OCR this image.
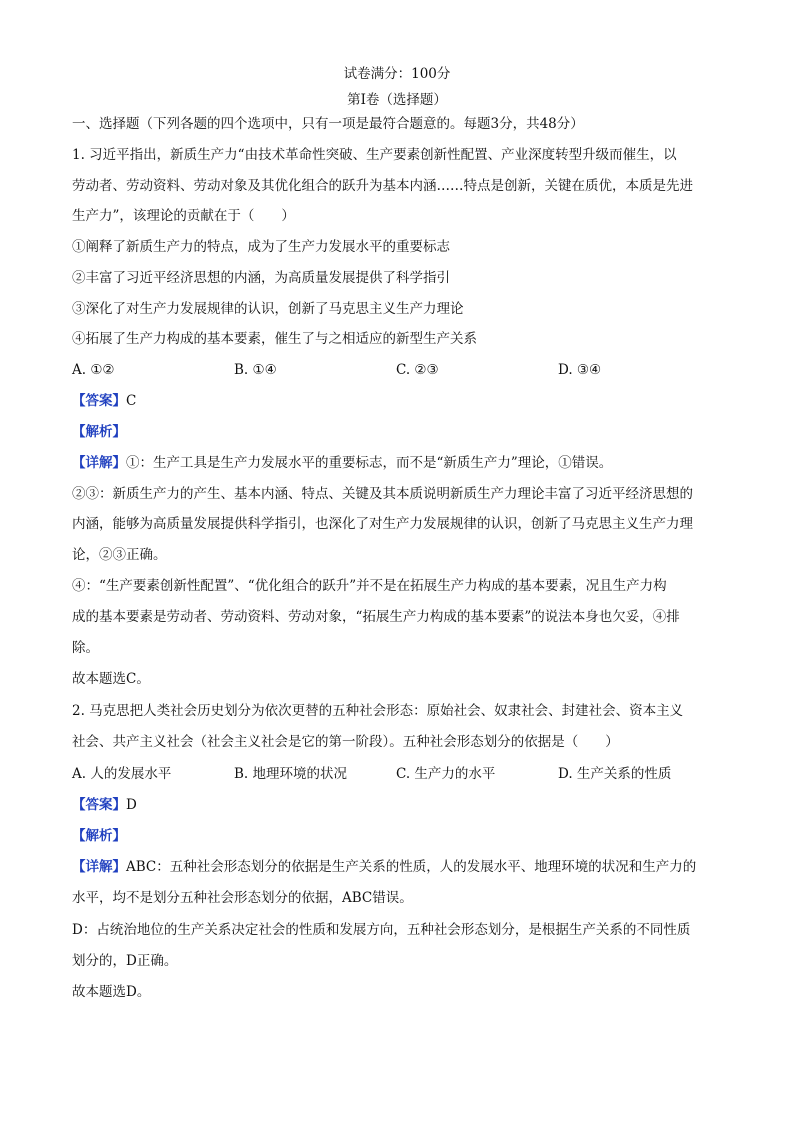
试卷满分：100分
第Ⅰ卷（选择题）
一、选择题（下列各题的四个选项中，只有一项是最符合题意的。每题3分，共48分）
1. 习近平指出，新质生产力“由技术革命性突破、生产要素创新性配置、产业深度转型升级而催生，以
劳动者、劳动资料、劳动对象及其优化组合的跃升为基本内涵……特点是创新，关键在质优，本质是先进
生产力”，该理论的贡献在于（　　）
①阐释了新质生产力的特点，成为了生产力发展水平的重要标志
②丰富了习近平经济思想的内涵，为高质量发展提供了科学指引
③深化了对生产力发展规律的认识，创新了马克思主义生产力理论
④拓展了生产力构成的基本要素，催生了与之相适应的新型生产关系
A. ①②	B. ①④	C. ②③	D. ③④
【答案】C
【解析】
【详解】①：生产工具是生产力发展水平的重要标志，而不是“新质生产力”理论，①错误。
②③：新质生产力的产生、基本内涵、特点、关键及其本质说明新质生产力理论丰富了习近平经济思想的
内涵，能够为高质量发展提供科学指引，也深化了对生产力发展规律的认识，创新了马克思主义生产力理
论，②③正确。
④：“生产要素创新性配置”、“优化组合的跃升”并不是在拓展生产力构成的基本要素，况且生产力构
成的基本要素是劳动者、劳动资料、劳动对象，“拓展生产力构成的基本要素”的说法本身也欠妥，④排
除。
故本题选C。
2. 马克思把人类社会历史划分为依次更替的五种社会形态：原始社会、奴隶社会、封建社会、资本主义
社会、共产主义社会（社会主义社会是它的第一阶段）。五种社会形态划分的依据是（　　）
A. 人的发展水平	B. 地理环境的状况	C. 生产力的水平	D. 生产关系的性质
【答案】D
【解析】
【详解】ABC：五种社会形态划分的依据是生产关系的性质，人的发展水平、地理环境的状况和生产力的
水平，均不是划分五种社会形态划分的依据，ABC错误。
D：占统治地位的生产关系决定社会的性质和发展方向，五种社会形态划分，是根据生产关系的不同性质
划分的，D正确。
故本题选D。
